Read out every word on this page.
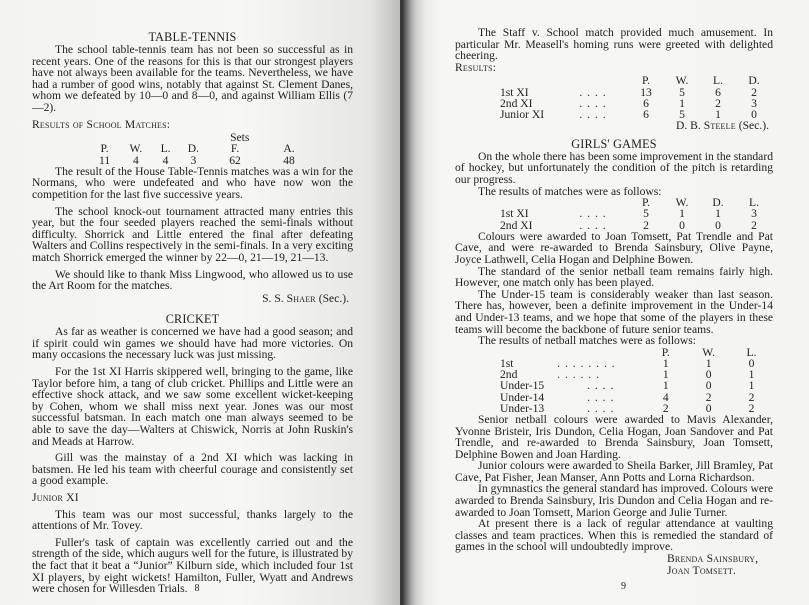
TABLE-TENNIS

The school table-tennis team has not been so successful as in recent years. One of the reasons for this is that our strongest players have not always been available for the teams. Nevertheless, we have had a rumber of good wins, notably that against St. Clement Danes, whom we defeated by 10—0 and 8—0, and against William Ellis (7—2).

Results of School Matches:

				Sets	
P.	W.	L.	D.	F.	A.
11	4	4	3	62	48

The result of the House Table-Tennis matches was a win for the Normans, who were undefeated and who have now won the competition for the last five successive years.

The school knock-out tournament attracted many entries this year, but the four seeded players reached the semi-finals without difficulty. Shorrick and Little entered the final after defeating Walters and Collins respectively in the semi-finals. In a very exciting match Shorrick emerged the winner by 22—0, 21—19, 21—13.

We should like to thank Miss Lingwood, who allowed us to use the Art Room for the matches.

S. S. Shaer (Sec.).
CRICKET

As far as weather is concerned we have had a good season; and if spirit could win games we should have had more victories. On many occasions the necessary luck was just missing.

For the 1st XI Harris skippered well, bringing to the game, like Taylor before him, a tang of club cricket. Phillips and Little were an effective shock attack, and we saw some excellent wicket-keeping by Cohen, whom we shall miss next year. Jones was our most successful batsman. In each match one man always seemed to be able to save the day—Walters at Chiswick, Norris at John Ruskin's and Meads at Harrow.

Gill was the mainstay of a 2nd XI which was lacking in batsmen. He led his team with cheerful courage and consistently set a good example.

Junior XI

This team was our most successful, thanks largely to the attentions of Mr. Tovey.

Fuller's task of captain was excellently carried out and the strength of the side, which augurs well for the future, is illustrated by the fact that it beat a “Junior” Kilburn side, which included four 1st XI players, by eight wickets! Hamilton, Fuller, Wyatt and Andrews were chosen for Willesden Trials. 8

The Staff v. School match provided much amusement. In particular Mr. Measell's homing runs were greeted with delighted cheering.

Results:

		P.	W.	L.	D.
1st XI	. . . .	13	5	6	2
2nd XI	. . . .	6	1	2	3
Junior XI	. . . .	6	5	1	0
D. B. Steele (Sec.).
GIRLS' GAMES

On the whole there has been some improvement in the standard of hockey, but unfortunately the condition of the pitch is retarding our progress.

The results of matches were as follows:

		P.	W.	D.	L.
1st XI	. . . .	5	1	1	3
2nd XI	. . . .	2	0	0	2

Colours were awarded to Joan Tomsett, Pat Trendle and Pat Cave, and were re-awarded to Brenda Sainsbury, Olive Payne, Joyce Lathwell, Celia Hogan and Delphine Bowen.

The standard of the senior netball team remains fairly high. However, one match only has been played.

The Under-15 team is considerably weaker than last season. There has, however, been a definite improvement in the Under-14 and Under-13 teams, and we hope that some of the players in these teams will become the backbone of future senior teams.

The results of netball matches were as follows:

		P.	W.	L.
1st	. . . . . . . .	1	1	0
2nd	. . . . . .	1	0	1
Under-15	. . . .	1	0	1
Under-14	. . . .	4	2	2
Under-13	. . . .	2	0	2

Senior netball colours were awarded to Mavis Alexander, Yvonne Bristeir, Iris Dundon, Celia Hogan, Joan Sandover and Pat Trendle, and re-awarded to Brenda Sainsbury, Joan Tomsett, Delphine Bowen and Joan Harding.

Junior colours were awarded to Sheila Barker, Jill Bramley, Pat Cave, Pat Fisher, Jean Manser, Ann Potts and Lorna Richardson.

In gymnastics the general standard has improved. Colours were awarded to Brenda Sainsbury, Iris Dundon and Celia Hogan and re-awarded to Joan Tomsett, Marion George and Julie Turner.

At present there is a lack of regular attendance at vaulting classes and team practices. When this is remedied the standard of games in the school will undoubtedly improve.

Brenda Sainsbury,
Joan Tomsett.
9
